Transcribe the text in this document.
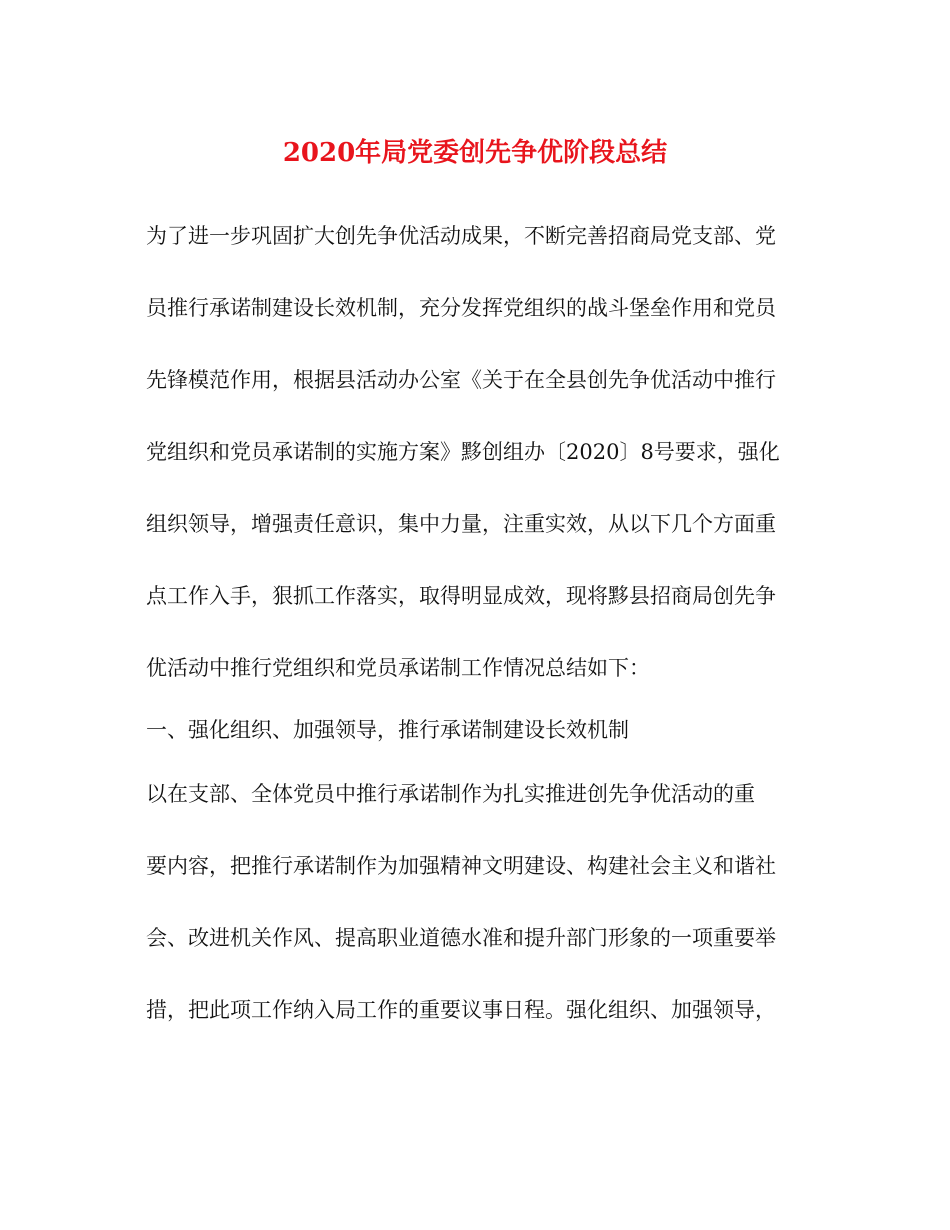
2020年局党委创先争优阶段总结
为了进一步巩固扩大创先争优活动成果，不断完善招商局党支部、党
员推行承诺制建设长效机制，充分发挥党组织的战斗堡垒作用和党员
先锋模范作用，根据县活动办公室《关于在全县创先争优活动中推行
党组织和党员承诺制的实施方案》黟创组办〔2020〕8号要求，强化
组织领导，增强责任意识，集中力量，注重实效，从以下几个方面重
点工作入手，狠抓工作落实，取得明显成效，现将黟县招商局创先争
优活动中推行党组织和党员承诺制工作情况总结如下：
一、强化组织、加强领导，推行承诺制建设长效机制
以在支部、全体党员中推行承诺制作为扎实推进创先争优活动的重
要内容，把推行承诺制作为加强精神文明建设、构建社会主义和谐社
会、改进机关作风、提高职业道德水准和提升部门形象的一项重要举
措，把此项工作纳入局工作的重要议事日程。强化组织、加强领导，
